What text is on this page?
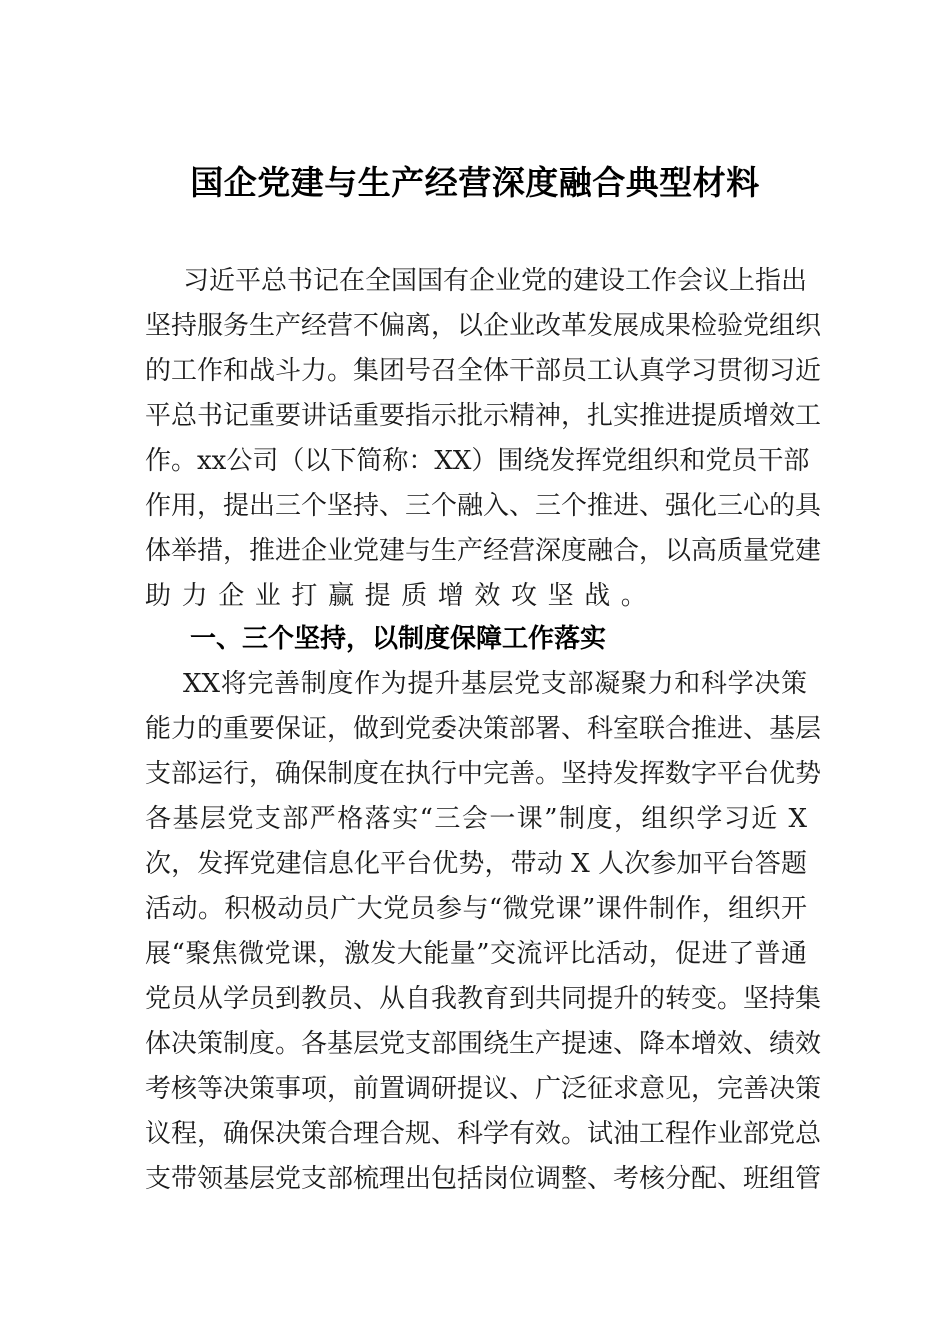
国企党建与生产经营深度融合典型材料
习近平总书记在全国国有企业党的建设工作会议上指出
坚持服务生产经营不偏离，以企业改革发展成果检验党组织
的工作和战斗力。集团号召全体干部员工认真学习贯彻习近
平总书记重要讲话重要指示批示精神，扎实推进提质增效工
作。xx公司（以下简称：XX）围绕发挥党组织和党员干部
作用，提出三个坚持、三个融入、三个推进、强化三心的具
体举措，推进企业党建与生产经营深度融合，以高质量党建
助力企业打赢提质增效攻坚战。
一、三个坚持，以制度保障工作落实
XX将完善制度作为提升基层党支部凝聚力和科学决策
能力的重要保证，做到党委决策部署、科室联合推进、基层
支部运行，确保制度在执行中完善。坚持发挥数字平台优势
各基层党支部严格落实“三会一课”制度，组织学习近 X
次，发挥党建信息化平台优势，带动 X 人次参加平台答题
活动。积极动员广大党员参与“微党课”课件制作，组织开
展“聚焦微党课，激发大能量”交流评比活动，促进了普通
党员从学员到教员、从自我教育到共同提升的转变。坚持集
体决策制度。各基层党支部围绕生产提速、降本增效、绩效
考核等决策事项，前置调研提议、广泛征求意见，完善决策
议程，确保决策合理合规、科学有效。试油工程作业部党总
支带领基层党支部梳理出包括岗位调整、考核分配、班组管
